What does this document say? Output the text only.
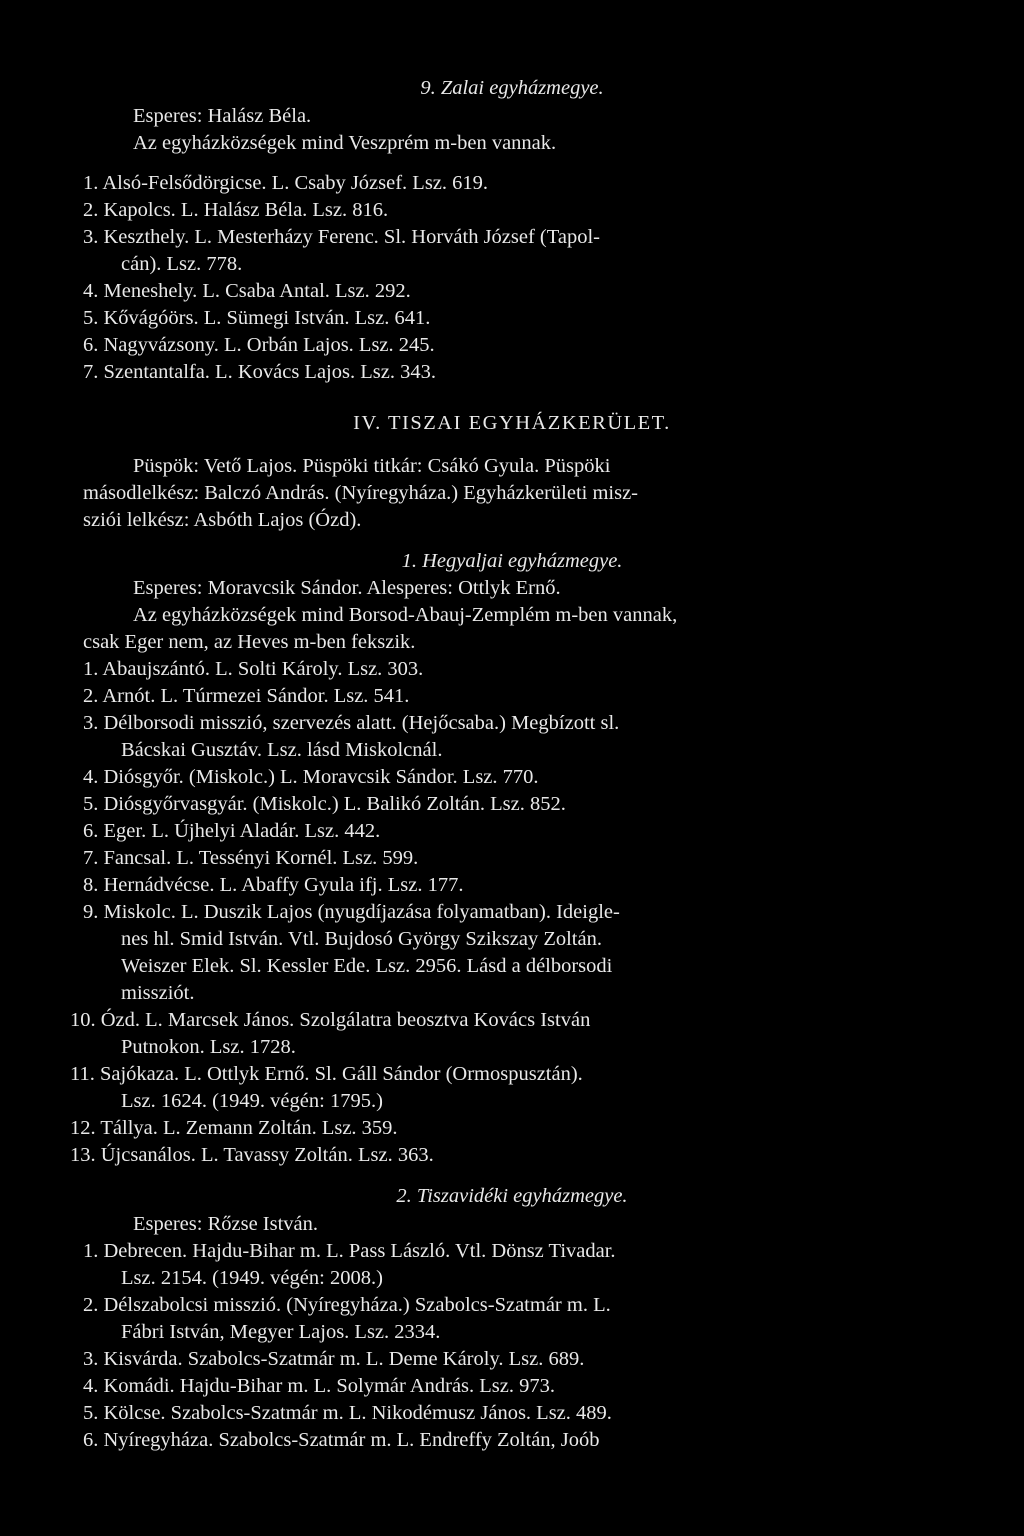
9. Zalai egyházmegye.
Esperes: Halász Béla.
Az egyházközségek mind Veszprém m-ben vannak.
1. Alsó-Felsődörgicse. L. Csaby József. Lsz. 619.
2. Kapolcs. L. Halász Béla. Lsz. 816.
3. Keszthely. L. Mesterházy Ferenc. Sl. Horváth József (Tapol-
cán). Lsz. 778.
4. Meneshely. L. Csaba Antal. Lsz. 292.
5. Kővágóörs. L. Sümegi István. Lsz. 641.
6. Nagyvázsony. L. Orbán Lajos. Lsz. 245.
7. Szentantalfa. L. Kovács Lajos. Lsz. 343.
IV. TISZAI EGYHÁZKERÜLET.
Püspök: Vető Lajos. Püspöki titkár: Csákó Gyula. Püspöki
másodlelkész: Balczó András. (Nyíregyháza.) Egyházkerületi misz-
sziói lelkész: Asbóth Lajos (Ózd).
1. Hegyaljai egyházmegye.
Esperes: Moravcsik Sándor. Alesperes: Ottlyk Ernő.
Az egyházközségek mind Borsod-Abauj-Zemplém m-ben vannak,
csak Eger nem, az Heves m-ben fekszik.
1. Abaujszántó. L. Solti Károly. Lsz. 303.
2. Arnót. L. Túrmezei Sándor. Lsz. 541.
3. Délborsodi misszió, szervezés alatt. (Hejőcsaba.) Megbízott sl.
Bácskai Gusztáv. Lsz. lásd Miskolcnál.
4. Diósgyőr. (Miskolc.) L. Moravcsik Sándor. Lsz. 770.
5. Diósgyőrvasgyár. (Miskolc.) L. Balikó Zoltán. Lsz. 852.
6. Eger. L. Újhelyi Aladár. Lsz. 442.
7. Fancsal. L. Tessényi Kornél. Lsz. 599.
8. Hernádvécse. L. Abaffy Gyula ifj. Lsz. 177.
9. Miskolc. L. Duszik Lajos (nyugdíjazása folyamatban). Ideigle-
nes hl. Smid István. Vtl. Bujdosó György Szikszay Zoltán.
Weiszer Elek. Sl. Kessler Ede. Lsz. 2956. Lásd a délborsodi
missziót.
10. Ózd. L. Marcsek János. Szolgálatra beosztva Kovács István
Putnokon. Lsz. 1728.
11. Sajókaza. L. Ottlyk Ernő. Sl. Gáll Sándor (Ormospusztán).
Lsz. 1624. (1949. végén: 1795.)
12. Tállya. L. Zemann Zoltán. Lsz. 359.
13. Újcsanálos. L. Tavassy Zoltán. Lsz. 363.
2. Tiszavidéki egyházmegye.
Esperes: Rőzse István.
1. Debrecen. Hajdu-Bihar m. L. Pass László. Vtl. Dönsz Tivadar.
Lsz. 2154. (1949. végén: 2008.)
2. Délszabolcsi misszió. (Nyíregyháza.) Szabolcs-Szatmár m. L.
Fábri István, Megyer Lajos. Lsz. 2334.
3. Kisvárda. Szabolcs-Szatmár m. L. Deme Károly. Lsz. 689.
4. Komádi. Hajdu-Bihar m. L. Solymár András. Lsz. 973.
5. Kölcse. Szabolcs-Szatmár m. L. Nikodémusz János. Lsz. 489.
6. Nyíregyháza. Szabolcs-Szatmár m. L. Endreffy Zoltán, Joób
